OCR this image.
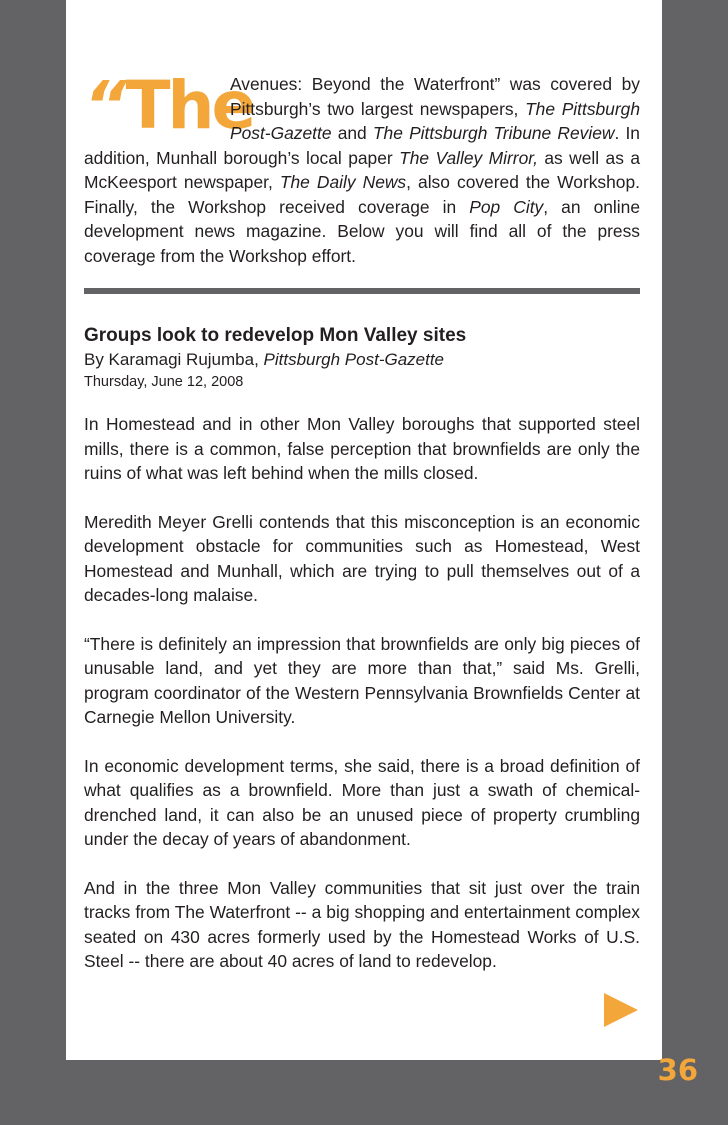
“The

Avenues: Beyond the Waterfront” was covered by Pittsburgh’s two largest newspapers, The Pittsburgh Post-Gazette and The Pittsburgh Tribune Review. In addition, Munhall borough’s local paper The Valley Mirror, as well as a McKeesport newspaper, The Daily News, also covered the Workshop. Finally, the Workshop received coverage in Pop City, an online development news magazine. Below you will find all of the press coverage from the Workshop effort.

Groups look to redevelop Mon Valley sites
By Karamagi Rujumba, Pittsburgh Post-Gazette
Thursday, June 12, 2008

In Homestead and in other Mon Valley boroughs that supported steel mills, there is a common, false perception that brownfields are only the ruins of what was left behind when the mills closed.

Meredith Meyer Grelli contends that this misconception is an economic development obstacle for communities such as Homestead, West Homestead and Munhall, which are trying to pull themselves out of a decades-long malaise.

“There is definitely an impression that brownfields are only big pieces of unusable land, and yet they are more than that,” said Ms. Grelli, program coordinator of the Western Pennsylvania Brownfields Center at Carnegie Mellon University.

In economic development terms, she said, there is a broad definition of what qualifies as a brownfield. More than just a swath of chemical-drenched land, it can also be an unused piece of property crumbling under the decay of years of abandonment.

And in the three Mon Valley communities that sit just over the train tracks from The Waterfront -- a big shopping and entertainment complex seated on 430 acres formerly used by the Homestead Works of U.S. Steel -- there are about 40 acres of land to redevelop.

36
